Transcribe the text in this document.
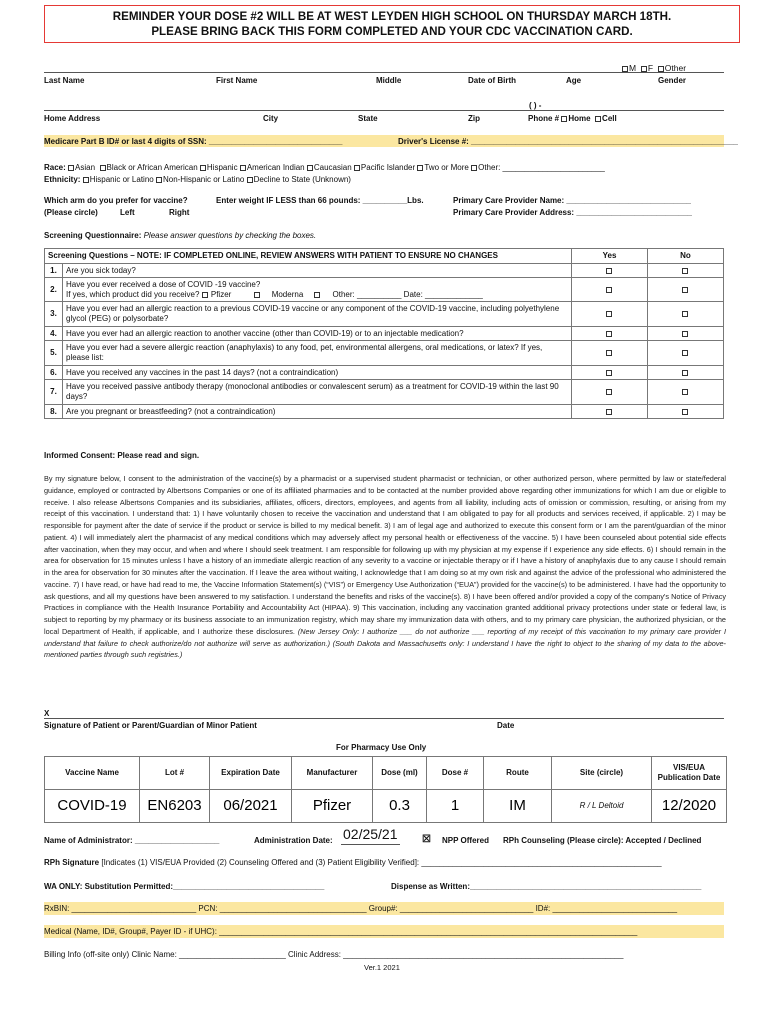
REMINDER YOUR DOSE #2 WILL BE AT WEST LEYDEN HIGH SCHOOL ON THURSDAY MARCH 18TH.
PLEASE BRING BACK THIS FORM COMPLETED AND YOUR CDC VACCINATION CARD.
M F Other
Last Name	First Name	Middle	Date of Birth	Age	Gender
( ) -
Home Address	City	State	Zip	Phone # Home Cell
Medicare Part B ID# or last 4 digits of SSN: ______________________________	Driver's License #: ____________________________________________________________
Race: Asian Black or African American Hispanic American Indian Caucasian Pacific Islander Two or More Other: _______________________
Ethnicity: Hispanic or Latino Non-Hispanic or Latino Decline to State (Unknown)
Which arm do you prefer for vaccine?
(Please circle)	Left	Right
Enter weight IF LESS than 66 pounds: __________Lbs.	Primary Care Provider Name: ____________________________
Primary Care Provider Address: __________________________
Screening Questionnaire: Please answer questions by checking the boxes.
Screening Questions – NOTE: IF COMPLETED ONLINE, REVIEW ANSWERS WITH PATIENT TO ENSURE NO CHANGES		Yes	No
1.	Are you sick today?		
2.	Have you ever received a dose of COVID -19 vaccine?
If yes, which product did you receive? Pfizer Moderna Other: __________ Date: _____________		

3.	Have you ever had an allergic reaction to a previous COVID-19 vaccine or any component of the COVID-19 vaccine, including polyethylene glycol (PEG) or polysorbate?		
4.	Have you ever had an allergic reaction to another vaccine (other than COVID-19) or to an injectable medication?		
5.	Have you ever had a severe allergic reaction (anaphylaxis) to any food, pet, environmental allergens, oral medications, or latex? If yes, please list:		
6.	Have you received any vaccines in the past 14 days? (not a contraindication)		
7.	Have you received passive antibody therapy (monoclonal antibodies or convalescent serum) as a treatment for COVID-19 within the last 90 days?		
8.	Are you pregnant or breastfeeding? (not a contraindication)		
Informed Consent: Please read and sign.
By my signature below, I consent to the administration of the vaccine(s) by a pharmacist or a supervised student pharmacist or technician, or other authorized person, where permitted by law or state/federal guidance, employed or contracted by Albertsons Companies or one of its affiliated pharmacies and to be contacted at the number provided above regarding other immunizations for which I am due or eligible to receive. I also release Albertsons Companies and its subsidiaries, affiliates, officers, directors, employees, and agents from all liability, including acts of omission or commission, resulting, or arising from my receipt of this vaccination. I understand that: 1) I have voluntarily chosen to receive the vaccination and understand that I am obligated to pay for all products and services received, if applicable. 2) I may be responsible for payment after the date of service if the product or service is billed to my medical benefit. 3) I am of legal age and authorized to execute this consent form or I am the parent/guardian of the minor patient. 4) I will immediately alert the pharmacist of any medical conditions which may adversely affect my personal health or effectiveness of the vaccine. 5) I have been counseled about potential side effects after vaccination, when they may occur, and when and where I should seek treatment. I am responsible for following up with my physician at my expense if I experience any side effects. 6) I should remain in the area for observation for 15 minutes unless I have a history of an immediate allergic reaction of any severity to a vaccine or injectable therapy or if I have a history of anaphylaxis due to any cause I should remain in the area for observation for 30 minutes after the vaccination. If I leave the area without waiting, I acknowledge that I am doing so at my own risk and against the advice of the professional who administered the vaccine. 7) I have read, or have had read to me, the Vaccine Information Statement(s) (“VIS”) or Emergency Use Authorization (“EUA”) provided for the vaccine(s) to be administered. I have had the opportunity to ask questions, and all my questions have been answered to my satisfaction. I understand the benefits and risks of the vaccine(s). 8) I have been offered and/or provided a copy of the company's Notice of Privacy Practices in compliance with the Health Insurance Portability and Accountability Act (HIPAA). 9) This vaccination, including any vaccination granted additional privacy protections under state or federal law, is subject to reporting by my pharmacy or its business associate to an immunization registry, which may share my immunization data with others, and to my primary care physician, the authorized physician, or the local Department of Health, if applicable, and I authorize these disclosures. (New Jersey Only: I authorize ___ do not authorize ___ reporting of my receipt of this vaccination to my primary care provider I understand that failure to check authorize/do not authorize will serve as authorization.) (South Dakota and Massachusetts only: I understand I have the right to object to the sharing of my data to the above-mentioned parties through such registries.)
X
Signature of Patient or Parent/Guardian of Minor Patient	Date
For Pharmacy Use Only
Vaccine Name	Lot #	Expiration Date	Manufacturer	Dose (ml)	Dose #	Route	Site (circle)	VIS/EUA Publication Date
COVID-19	EN6203	06/2021	Pfizer	0.3	1	IM	R / L Deltoid	12/2020
Name of Administrator: ___________________	Administration Date: 02/25/21 ☒ NPP Offered RPh Counseling (Please circle): Accepted / Declined
RPh Signature [Indicates (1) VIS/EUA Provided (2) Counseling Offered and (3) Patient Eligibility Verified]: ______________________________________________________
WA ONLY: Substitution Permitted:__________________________________	Dispense as Written:____________________________________________________
RxBIN: ____________________________ PCN: _________________________________ Group#: ______________________________ ID#: ____________________________
Medical (Name, ID#, Group#, Payer ID - if UHC): ______________________________________________________________________________________________
Billing Info (off-site only) Clinic Name: ________________________ Clinic Address: _______________________________________________________________
Ver.1 2021
